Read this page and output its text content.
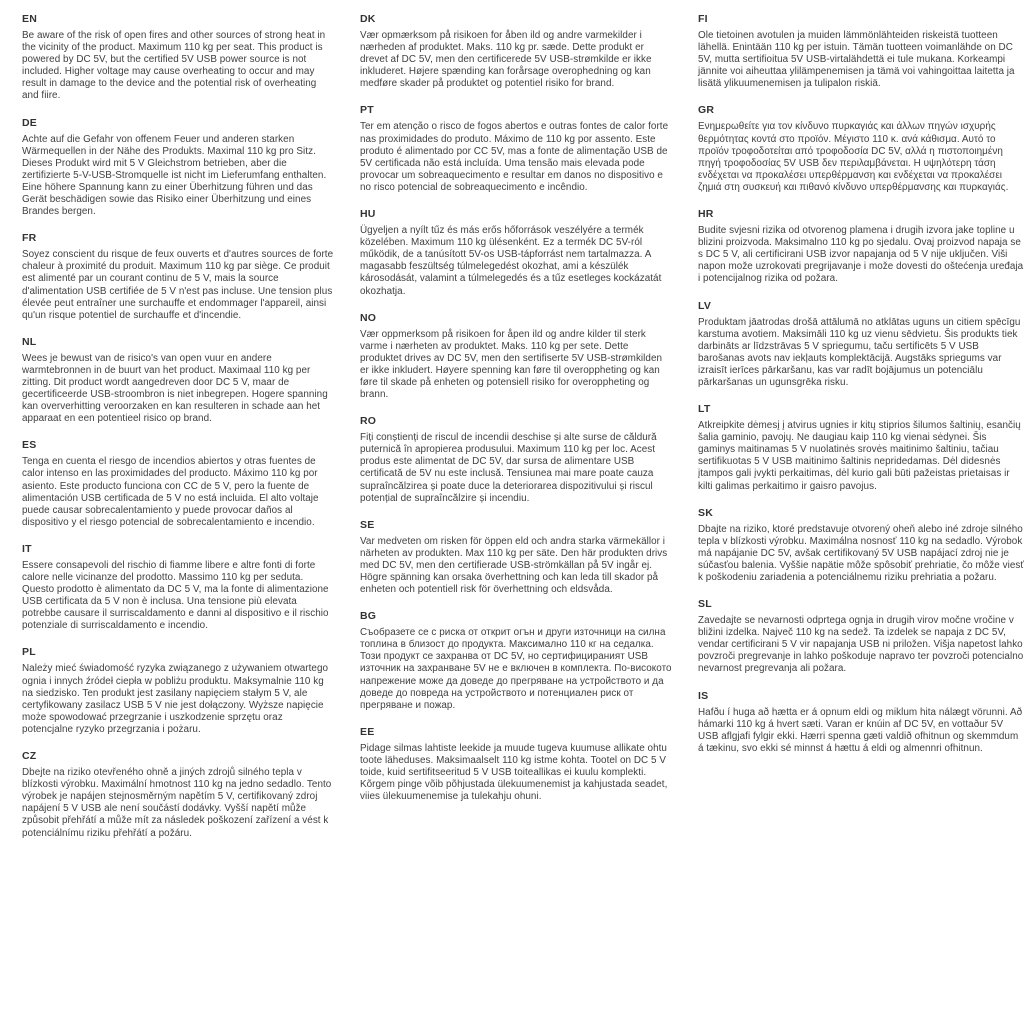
EN

Be aware of the risk of open fires and other sources of strong heat in the vicinity of the product. Maximum 110 kg per seat. This product is powered by DC 5V, but the certified 5V USB power source is not included. Higher voltage may cause overheating to occur and may result in damage to the device and the potential risk of overheating and fiire.

DE

Achte auf die Gefahr von offenem Feuer und anderen starken Wärmequellen in der Nähe des Produkts. Maximal 110 kg pro Sitz. Dieses Produkt wird mit 5 V Gleichstrom betrieben, aber die zertifizierte 5-V-USB-Stromquelle ist nicht im Lieferumfang enthalten. Eine höhere Spannung kann zu einer Überhitzung führen und das Gerät beschädigen sowie das Risiko einer Überhitzung und eines Brandes bergen.

FR

Soyez conscient du risque de feux ouverts et d'autres sources de forte chaleur à proximité du produit. Maximum 110 kg par siège. Ce produit est alimenté par un courant continu de 5 V, mais la source d'alimentation USB certifiée de 5 V n'est pas incluse. Une tension plus élevée peut entraîner une surchauffe et endommager l'appareil, ainsi qu'un risque potentiel de surchauffe et d'incendie.

NL

Wees je bewust van de risico's van open vuur en andere warmtebronnen in de buurt van het product. Maximaal 110 kg per zitting. Dit product wordt aangedreven door DC 5 V, maar de gecertificeerde USB-stroombron is niet inbegrepen. Hogere spanning kan oververhitting veroorzaken en kan resulteren in schade aan het apparaat en een potentieel risico op brand.

ES

Tenga en cuenta el riesgo de incendios abiertos y otras fuentes de calor intenso en las proximidades del producto. Máximo 110 kg por asiento. Este producto funciona con CC de 5 V, pero la fuente de alimentación USB certificada de 5 V no está incluida. El alto voltaje puede causar sobrecalentamiento y puede provocar daños al dispositivo y el riesgo potencial de sobrecalentamiento e incendio.

IT

Essere consapevoli del rischio di fiamme libere e altre fonti di forte calore nelle vicinanze del prodotto. Massimo 110 kg per seduta. Questo prodotto è alimentato da DC 5 V, ma la fonte di alimentazione USB certificata da 5 V non è inclusa. Una tensione più elevata potrebbe causare il surriscaldamento e danni al dispositivo e il rischio potenziale di surriscaldamento e incendio.

PL

Należy mieć świadomość ryzyka związanego z używaniem otwartego ognia i innych źródeł ciepła w pobliżu produktu. Maksymalnie 110 kg na siedzisko. Ten produkt jest zasilany napięciem stałym 5 V, ale certyfikowany zasilacz USB 5 V nie jest dołączony. Wyższe napięcie może spowodować przegrzanie i uszkodzenie sprzętu oraz potencjalne ryzyko przegrzania i pożaru.

CZ

Dbejte na riziko otevřeného ohně a jiných zdrojů silného tepla v blízkosti výrobku. Maximální hmotnost 110 kg na jedno sedadlo. Tento výrobek je napájen stejnosměrným napětím 5 V, certifikovaný zdroj napájení 5 V USB ale není součástí dodávky. Vyšší napětí může způsobit přehřátí a může mít za následek poškození zařízení a vést k potenciálnímu riziku přehřátí a požáru.

DK

Vær opmærksom på risikoen for åben ild og andre varmekilder i nærheden af produktet. Maks. 110 kg pr. sæde. Dette produkt er drevet af DC 5V, men den certificerede 5V USB-strømkilde er ikke inkluderet. Højere spænding kan forårsage overophedning og kan medføre skader på produktet og potentiel risiko for brand.

PT

Ter em atenção o risco de fogos abertos e outras fontes de calor forte nas proximidades do produto. Máximo de 110 kg por assento. Este produto é alimentado por CC 5V, mas a fonte de alimentação USB de 5V certificada não está incluída. Uma tensão mais elevada pode provocar um sobreaquecimento e resultar em danos no dispositivo e no risco potencial de sobreaquecimento e incêndio.

HU

Ügyeljen a nyílt tűz és más erős hőforrások veszélyére a termék közelében. Maximum 110 kg ülésenként. Ez a termék DC 5V-ról működik, de a tanúsított 5V-os USB-tápforrást nem tartalmazza. A magasabb feszültség túlmelegedést okozhat, ami a készülék károsodását, valamint a túlmelegedés és a tűz esetleges kockázatát okozhatja.

NO

Vær oppmerksom på risikoen for åpen ild og andre kilder til sterk varme i nærheten av produktet. Maks. 110 kg per sete. Dette produktet drives av DC 5V, men den sertifiserte 5V USB-strømkilden er ikke inkludert. Høyere spenning kan føre til overoppheting og kan føre til skade på enheten og potensiell risiko for overoppheting og brann.

RO

Fiți conștienți de riscul de incendii deschise și alte surse de căldură puternică în apropierea produsului. Maximum 110 kg per loc. Acest produs este alimentat de DC 5V, dar sursa de alimentare USB certificată de 5V nu este inclusă. Tensiunea mai mare poate cauza supraîncălzirea și poate duce la deteriorarea dispozitivului și riscul potențial de supraîncălzire și incendiu.

SE

Var medveten om risken för öppen eld och andra starka värmekällor i närheten av produkten. Max 110 kg per säte. Den här produkten drivs med DC 5V, men den certifierade USB-strömkällan på 5V ingår ej. Högre spänning kan orsaka överhettning och kan leda till skador på enheten och potentiell risk för överhettning och eldsvåda.

BG

Съобразете се с риска от открит огън и други източници на силна топлина в близост до продукта. Максимално 110 кг на седалка. Този продукт се захранва от DC 5V, но сертифицираният USB източник на захранване 5V не е включен в комплекта. По-високото напрежение може да доведе до прегряване на устройството и да доведе до повреда на устройството и потенциален риск от прегряване и пожар.

EE

Pidage silmas lahtiste leekide ja muude tugeva kuumuse allikate ohtu toote läheduses. Maksimaalselt 110 kg istme kohta. Tootel on DC 5 V toide, kuid sertifitseeritud 5 V USB toiteallikas ei kuulu komplekti. Kõrgem pinge võib põhjustada ülekuumenemist ja kahjustada seadet, viies ülekuumenemise ja tulekahju ohuni.

FI

Ole tietoinen avotulen ja muiden lämmönlähteiden riskeistä tuotteen lähellä. Enintään 110 kg per istuin. Tämän tuotteen voimanlähde on DC 5V, mutta sertifioitua 5V USB-virtalähdettä ei tule mukana. Korkeampi jännite voi aiheuttaa ylilämpenemisen ja tämä voi vahingoittaa laitetta ja lisätä ylikuumenemisen ja tulipalon riskiä.

GR

Ενημερωθείτε για τον κίνδυνο πυρκαγιάς και άλλων πηγών ισχυρής θερμότητας κοντά στο προϊόν. Μέγιστο 110 κ. ανά κάθισμα. Αυτό το προϊόν τροφοδοτείται από τροφοδοσία DC 5V, αλλά η πιστοποιημένη πηγή τροφοδοσίας 5V USB δεν περιλαμβάνεται. Η υψηλότερη τάση ενδέχεται να προκαλέσει υπερθέρμανση και ενδέχεται να προκαλέσει ζημιά στη συσκευή και πιθανό κίνδυνο υπερθέρμανσης και πυρκαγιάς.

HR

Budite svjesni rizika od otvorenog plamena i drugih izvora jake topline u blizini proizvoda. Maksimalno 110 kg po sjedalu. Ovaj proizvod napaja se s DC 5 V, ali certificirani USB izvor napajanja od 5 V nije uključen. Viši napon može uzrokovati pregrijavanje i može dovesti do oštećenja uređaja i potencijalnog rizika od požara.

LV

Produktam jāatrodas drošā attālumā no atklātas uguns un citiem spēcīgu karstuma avotiem. Maksimāli 110 kg uz vienu sēdvietu. Šis produkts tiek darbināts ar līdzstrāvas 5 V spriegumu, taču sertificēts 5 V USB barošanas avots nav iekļauts komplektācijā. Augstāks spriegums var izraisīt ierīces pārkaršanu, kas var radīt bojājumus un potenciālu pārkaršanas un ugunsgrēka risku.

LT

Atkreipkite dėmesį į atvirus ugnies ir kitų stiprios šilumos šaltinių, esančių šalia gaminio, pavojų. Ne daugiau kaip 110 kg vienai sėdynei. Šis gaminys maitinamas 5 V nuolatinės srovės maitinimo šaltiniu, tačiau sertifikuotas 5 V USB maitinimo šaltinis nepridedamas. Dėl didesnės įtampos gali įvykti perkaitimas, dėl kurio gali būti pažeistas prietaisas ir kilti galimas perkaitimo ir gaisro pavojus.

SK

Dbajte na riziko, ktoré predstavuje otvorený oheň alebo iné zdroje silného tepla v blízkosti výrobku. Maximálna nosnosť 110 kg na sedadlo. Výrobok má napájanie DC 5V, avšak certifikovaný 5V USB napájací zdroj nie je súčasťou balenia. Vyššie napätie môže spôsobiť prehriatie, čo môže viesť k poškodeniu zariadenia a potenciálnemu riziku prehriatia a požaru.

SL

Zavedajte se nevarnosti odprtega ognja in drugih virov močne vročine v bližini izdelka. Največ 110 kg na sedež. Ta izdelek se napaja z DC 5V, vendar certificirani 5 V vir napajanja USB ni priložen. Višja napetost lahko povzroči pregrevanje in lahko poškoduje napravo ter povzroči potencialno nevarnost pregrevanja ali požara.

IS

Hafðu í huga að hætta er á opnum eldi og miklum hita nálægt vörunni. Að hámarki 110 kg á hvert sæti. Varan er knúin af DC 5V, en vottaður 5V USB aflgjafi fylgir ekki. Hærri spenna gæti valdið ofhitnun og skemmdum á tækinu, svo ekki sé minnst á hættu á eldi og almennri ofhitnun.
